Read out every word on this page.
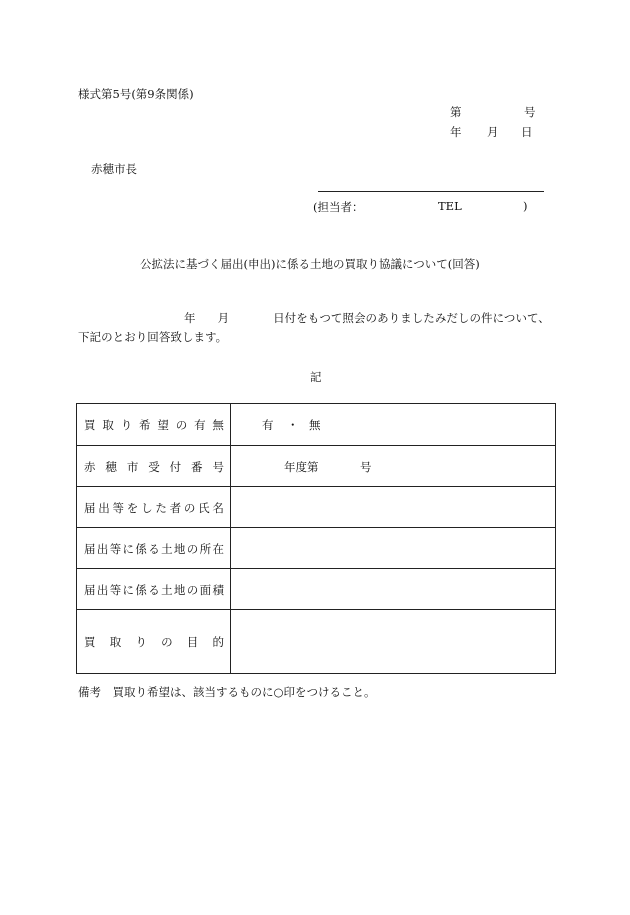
様式第5号(第9条関係)
第	号
年 月 日
赤穂市長
(担当者：	TEL	)
公拡法に基づく届出(申出)に係る土地の買取り協議について(回答)
年 月	日付をもつて照会のありましたみだしの件について、下記のとおり回答致します。
記
買 取 り 希 望 の 有 無	有 ・ 無
赤 穂 市 受 付 番 号	年度第	号
届 出 等 を し た 者 の 氏 名
届 出 等 に 係 る 土 地 の 所 在
届 出 等 に 係 る 土 地 の 面 積
買 取 り の 目 的
備考　買取り希望は、該当するものに○印をつけること。
